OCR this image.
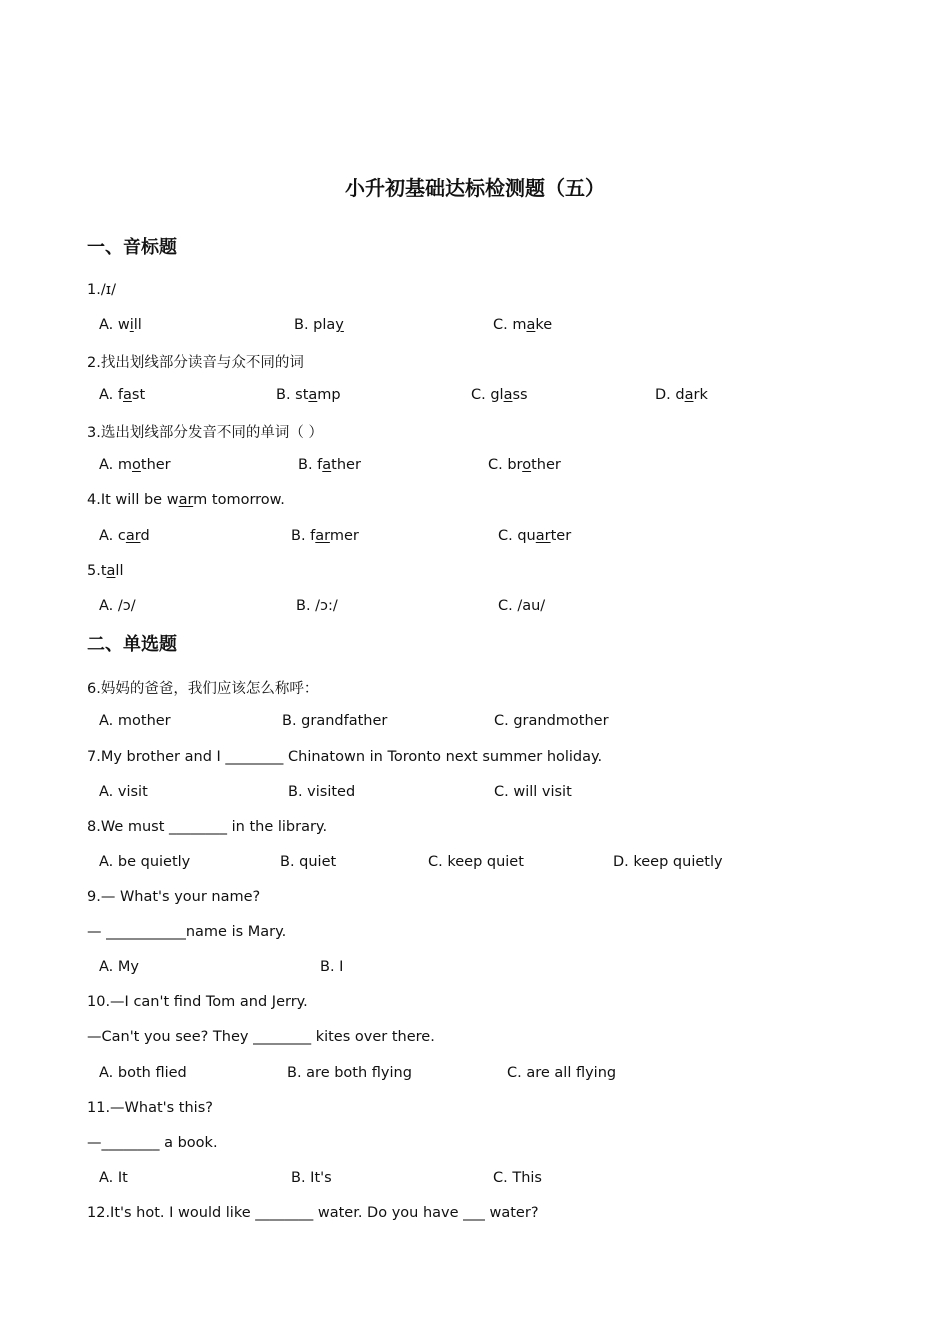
小升初基础达标检测题（五）
一、音标题
1./ɪ/
A. will	B. play	C. make
2.找出划线部分读音与众不同的词
A. fast	B. stamp	C. glass	D. dark
3.选出划线部分发音不同的单词（ ）
A. mother	B. father	C. brother
4.It will be warm tomorrow.
A. card	B. farmer	C. quarter
5.tall
A. /ɔ/	B. /ɔ:/	C. /au/
二、单选题
6.妈妈的爸爸，我们应该怎么称呼：
A. mother	B. grandfather	C. grandmother
7.My brother and I ________ Chinatown in Toronto next summer holiday.
A. visit	B. visited	C. will visit
8.We must ________ in the library.
A. be quietly	B. quiet	C. keep quiet	D. keep quietly
9.— What's your name?
— ___________name is Mary.
A. My	B. I
10.—I can't find Tom and Jerry.
—Can't you see? They ________ kites over there.
A. both flied	B. are both flying	C. are all flying
11.—What's this?
—________ a book.
A. It	B. It's	C. This
12.It's hot. I would like ________ water. Do you have ___ water?
